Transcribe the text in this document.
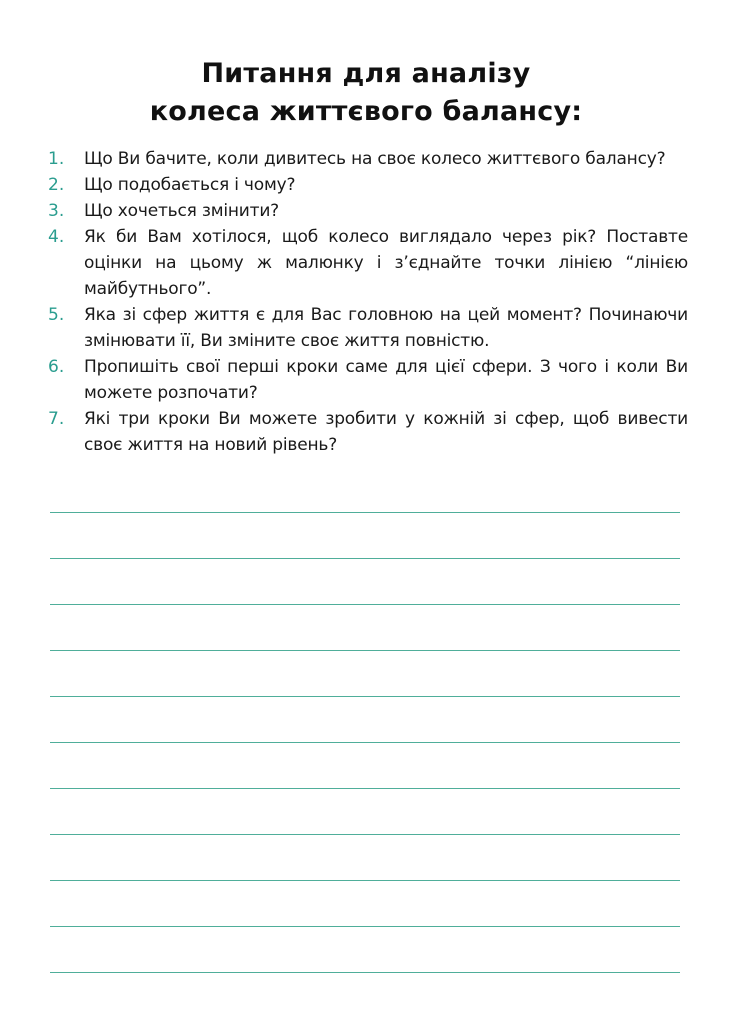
Питання для аналізу
колеса життєвого балансу:
1.	Що Ви бачите, коли дивитесь на своє колесо життєвого балансу?
2.	Що подобається і чому?
3.	Що хочеться змінити?
4.	Як би Вам хотілося, щоб колесо виглядало через рік? Поставте оцінки на цьому ж малюнку і з’єднайте точки лінією “лінією майбутнього”.
5.	Яка зі сфер життя є для Вас головною на цей момент? Починаючи змінювати її, Ви зміните своє життя повністю.
6.	Пропишіть свої перші кроки саме для цієї сфери. З чого і коли Ви можете розпочати?
7.	Які три кроки Ви можете зробити у кожній зі сфер, щоб вивести своє життя на новий рівень?
